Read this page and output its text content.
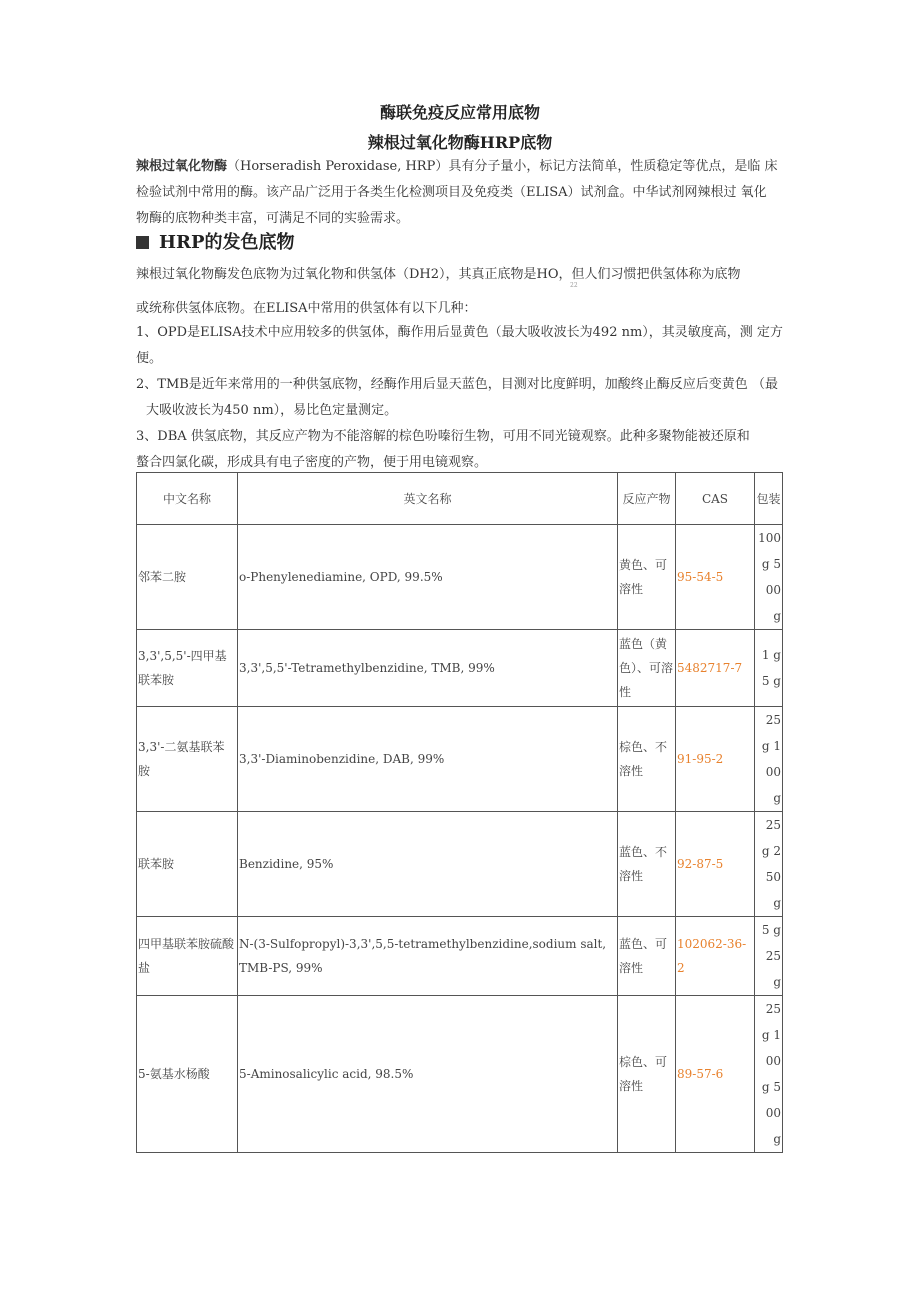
酶联免疫反应常用底物
辣根过氧化物酶HRP底物
辣根过氧化物酶（Horseradish Peroxidase, HRP）具有分子量小，标记方法简单，性质稳定等优点，是临 床
检验试剂中常用的酶。该产品广泛用于各类生化检测项目及免疫类（ELISA）试剂盒。中华试剂网辣根过 氧化
物酶的底物种类丰富，可满足不同的实验需求。
HRP的发色底物
辣根过氧化物酶发色底物为过氧化物和供氢体（DH2），其真正底物是HO，但人们习惯把供氢体称为底物
22
或统称供氢体底物。在ELISA中常用的供氢体有以下几种：
1、OPD是ELISA技术中应用较多的供氢体，酶作用后显黄色（最大吸收波长为492 nm），其灵敏度高，测 定方
便。
2、TMB是近年来常用的一种供氢底物，经酶作用后显天蓝色，目测对比度鲜明，加酸终止酶反应后变黄色 （最
大吸收波长为450 nm），易比色定量测定。
3、DBA 供氢底物，其反应产物为不能溶解的棕色吩嗪衍生物，可用不同光镜观察。此种多聚物能被还原和
螯合四氯化碳，形成具有电子密度的产物，便于用电镜观察。
中文名称	英文名称	反应产物	CAS	包装
邻苯二胺	o-Phenylenediamine, OPD, 99.5%	黄色、可溶性	95-54-5	100 g 500 g
3,3',5,5'-四甲基联苯胺	3,3',5,5'-Tetramethylbenzidine, TMB, 99%	蓝色（黄色）、可溶性	5482717-7	1 g 5 g
3,3'-二氨基联苯胺	3,3'-Diaminobenzidine, DAB, 99%	棕色、不溶性	91-95-2	25 g 100 g
联苯胺	Benzidine, 95%	蓝色、不溶性	92-87-5	25 g 250 g
四甲基联苯胺硫酸盐	N-(3-Sulfopropyl)-3,3',5,5-tetramethylbenzidine,sodium salt, TMB-PS, 99%	蓝色、可溶性	102062-36-2	5 g 25 g
5-氨基水杨酸	5-Aminosalicylic acid, 98.5%	棕色、可溶性	89-57-6	25 g 100 g 500 g
